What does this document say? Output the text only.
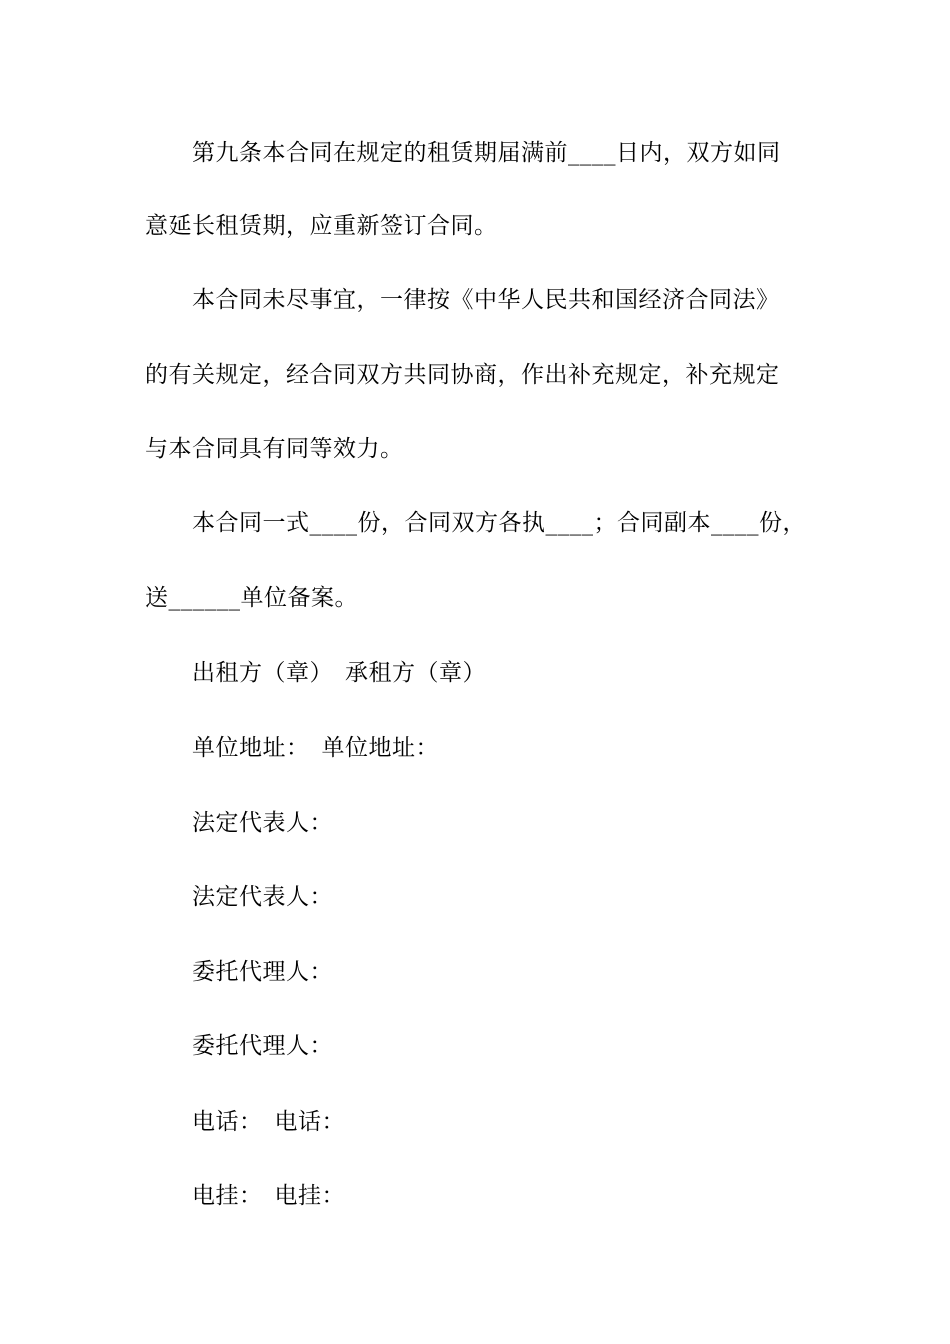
第九条本合同在规定的租赁期届满前____日内，双方如同
意延长租赁期，应重新签订合同。
本合同未尽事宜，一律按《中华人民共和国经济合同法》
的有关规定，经合同双方共同协商，作出补充规定，补充规定
与本合同具有同等效力。
本合同一式____份，合同双方各执____；合同副本____份，
送______单位备案。
出租方（章） 承租方（章）
单位地址： 单位地址：
法定代表人：
法定代表人：
委托代理人：
委托代理人：
电话： 电话：
电挂： 电挂：
